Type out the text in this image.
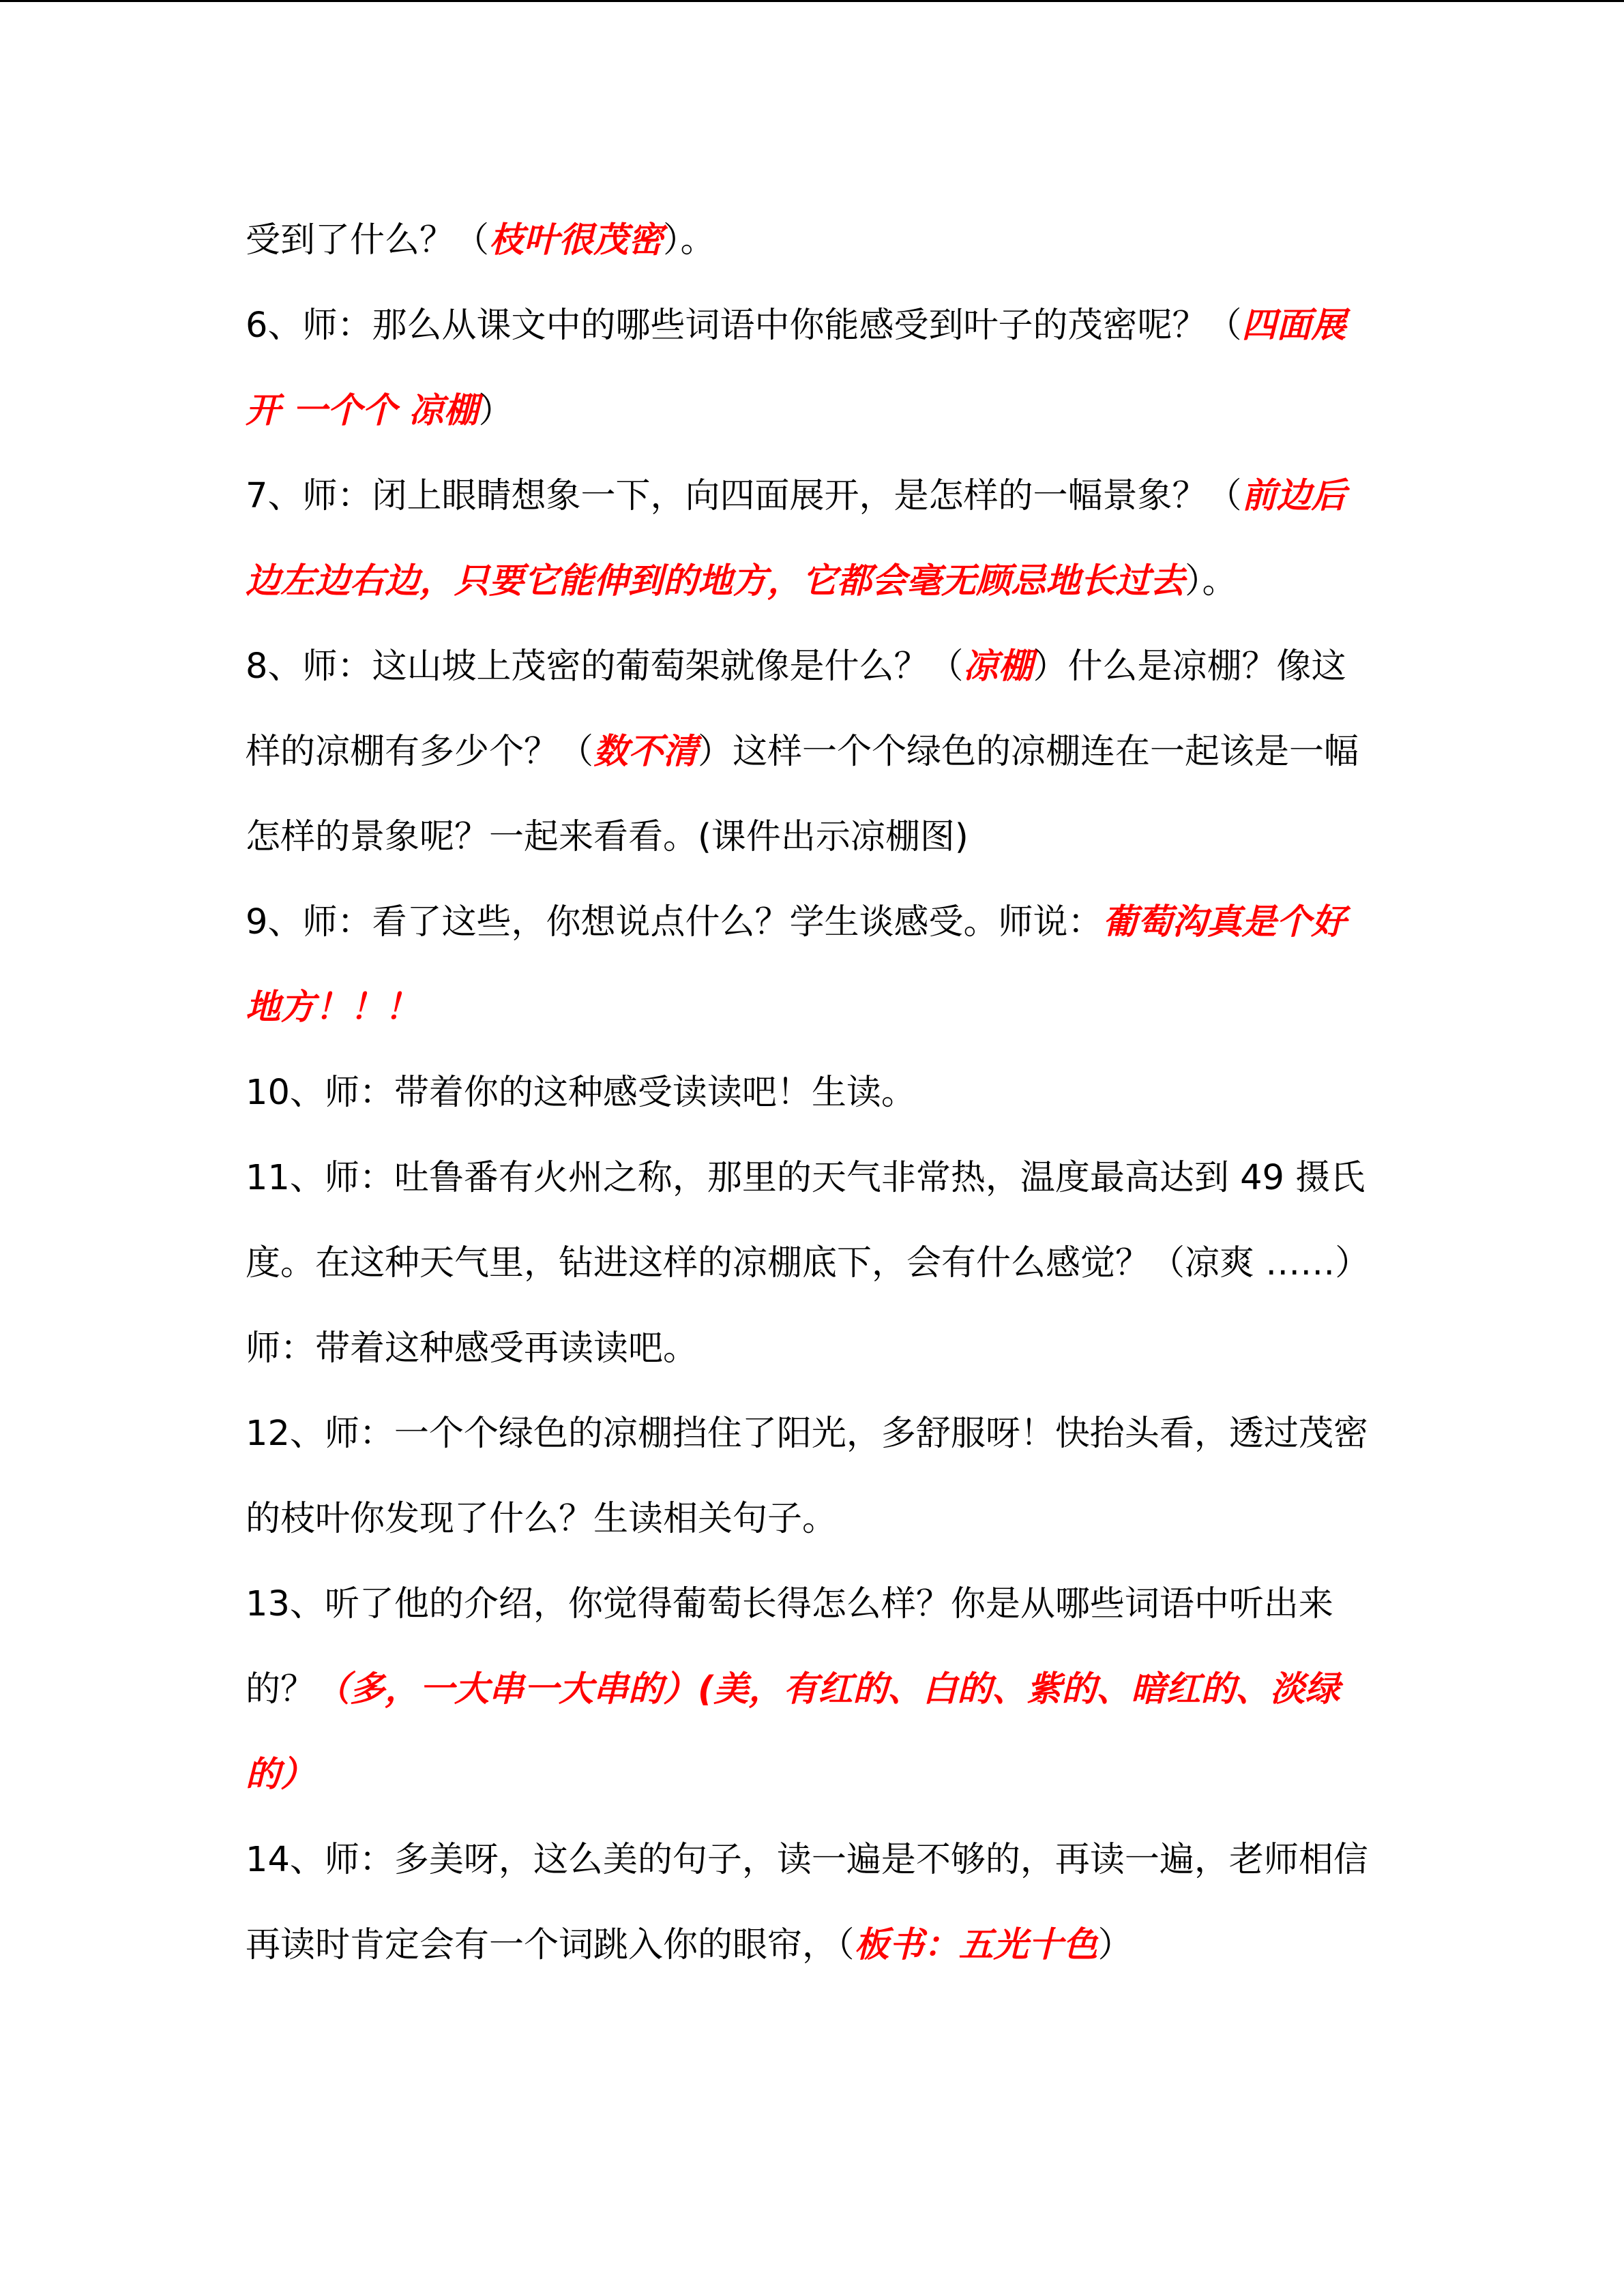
受到了什么？（枝叶很茂密）。

6、师：那么从课文中的哪些词语中你能感受到叶子的茂密呢？（四面展开 一个个 凉棚）

7、师：闭上眼睛想象一下，向四面展开，是怎样的一幅景象？（前边后边左边右边，只要它能伸到的地方，它都会毫无顾忌地长过去）。

8、师：这山坡上茂密的葡萄架就像是什么？（凉棚）什么是凉棚？像这样的凉棚有多少个？（数不清）这样一个个绿色的凉棚连在一起该是一幅怎样的景象呢？一起来看看。(课件出示凉棚图)

9、师：看了这些，你想说点什么？学生谈感受。师说：葡萄沟真是个好地方！！！

10、师：带着你的这种感受读读吧！生读。

11、师：吐鲁番有火州之称，那里的天气非常热，温度最高达到 49 摄氏度。在这种天气里，钻进这样的凉棚底下，会有什么感觉？（凉爽 ……）师：带着这种感受再读读吧。

12、师：一个个绿色的凉棚挡住了阳光，多舒服呀！快抬头看，透过茂密的枝叶你发现了什么？生读相关句子。

13、听了他的介绍，你觉得葡萄长得怎么样？你是从哪些词语中听出来的？（多，一大串一大串的）(美，有红的、白的、紫的、暗红的、淡绿的）

14、师：多美呀，这么美的句子，读一遍是不够的，再读一遍，老师相信再读时肯定会有一个词跳入你的眼帘，（板书：五光十色）
